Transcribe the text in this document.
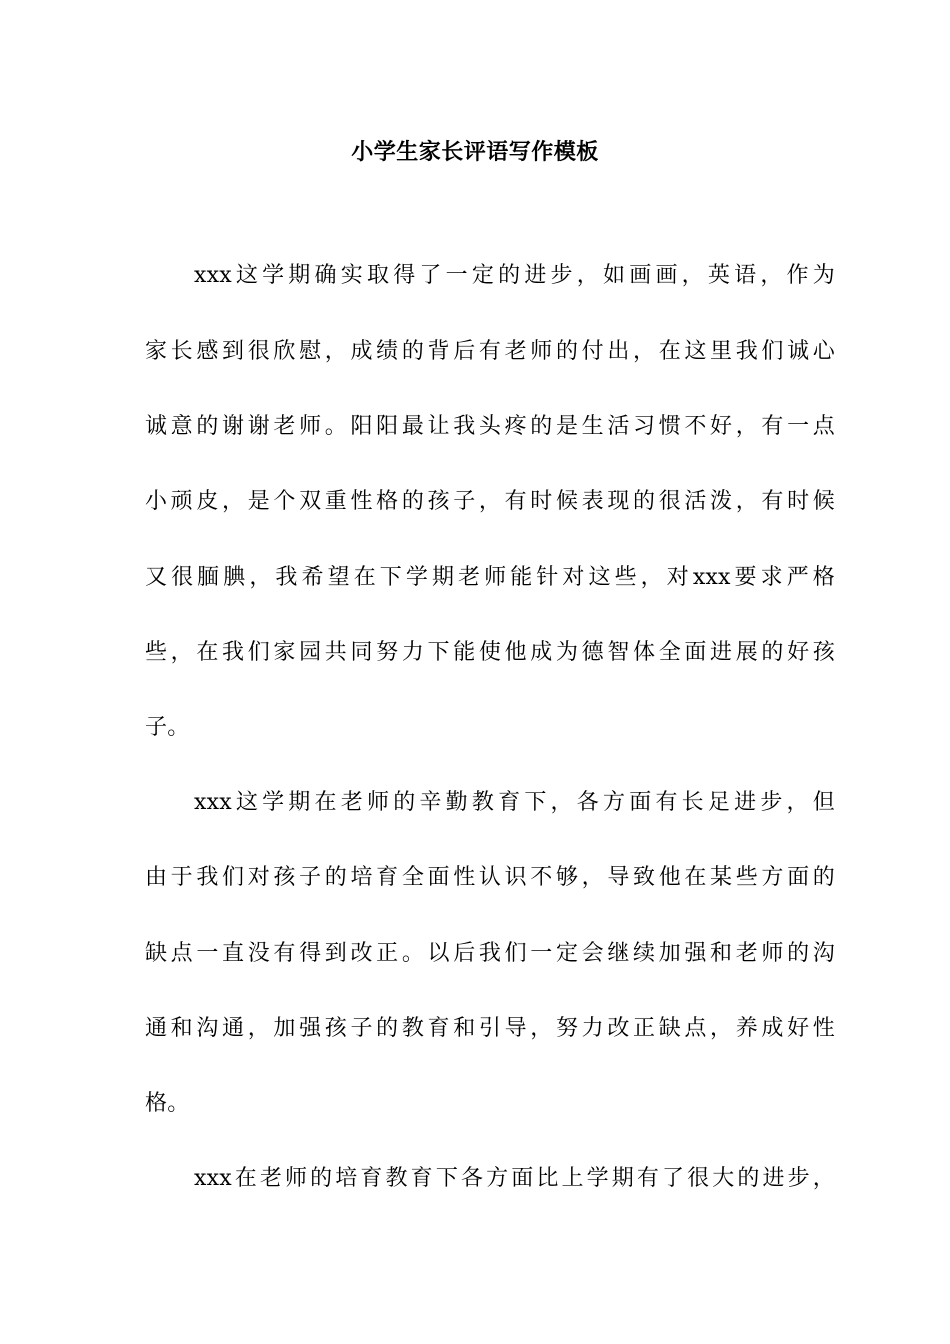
小学生家长评语写作模板
xxx这学期确实取得了一定的进步，如画画，英语，作为
家长感到很欣慰，成绩的背后有老师的付出，在这里我们诚心
诚意的谢谢老师。阳阳最让我头疼的是生活习惯不好，有一点
小顽皮，是个双重性格的孩子，有时候表现的很活泼，有时候
又很腼腆，我希望在下学期老师能针对这些，对xxx要求严格
些，在我们家园共同努力下能使他成为德智体全面进展的好孩
子。
xxx这学期在老师的辛勤教育下，各方面有长足进步，但
由于我们对孩子的培育全面性认识不够，导致他在某些方面的
缺点一直没有得到改正。以后我们一定会继续加强和老师的沟
通和沟通，加强孩子的教育和引导，努力改正缺点，养成好性
格。
xxx在老师的培育教育下各方面比上学期有了很大的进步，
